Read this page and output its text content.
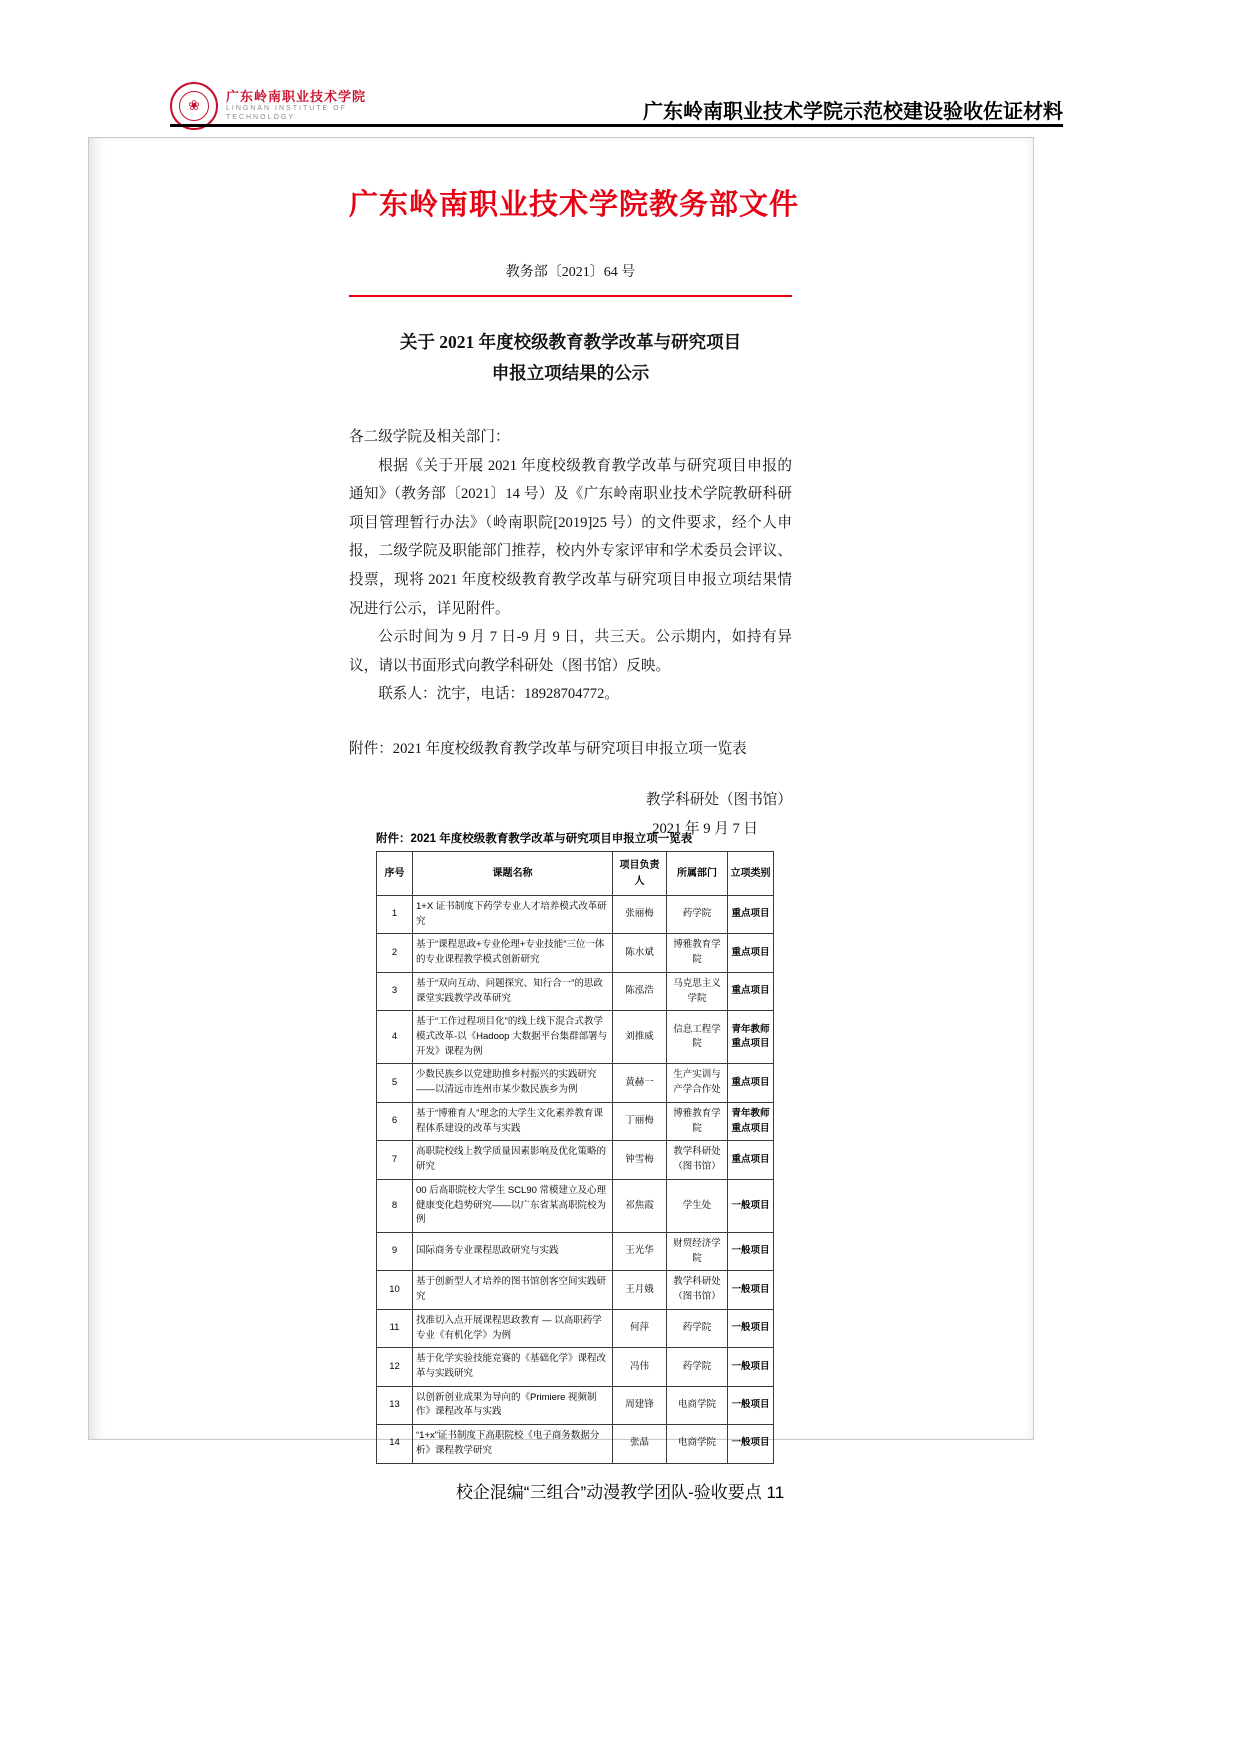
❀
广东岭南职业技术学院
LINGNAN INSTITUTE OF
TECHNOLOGY	广东岭南职业技术学院示范校建设验收佐证材料
广东岭南职业技术学院教务部文件
教务部〔2021〕64 号
关于 2021 年度校级教育教学改革与研究项目
申报立项结果的公示

各二级学院及相关部门：

根据《关于开展 2021 年度校级教育教学改革与研究项目申报的通知》（教务部〔2021〕14 号）及《广东岭南职业技术学院教研科研项目管理暂行办法》（岭南职院[2019]25 号）的文件要求，经个人申报，二级学院及职能部门推荐，校内外专家评审和学术委员会评议、投票，现将 2021 年度校级教育教学改革与研究项目申报立项结果情况进行公示，详见附件。

公示时间为 9 月 7 日-9 月 9 日，共三天。公示期内，如持有异议，请以书面形式向教学科研处（图书馆）反映。

联系人：沈宇，电话：18928704772。

附件：2021 年度校级教育教学改革与研究项目申报立项一览表
教学科研处（图书馆）
2021 年 9 月 7 日
附件：2021 年度校级教育教学改革与研究项目申报立项一览表
序号	课题名称	项目负责人	所属部门	立项类别
1	1+X 证书制度下药学专业人才培养模式改革研究	张丽梅	药学院	重点项目
2	基于“课程思政+专业伦理+专业技能”三位一体的专业课程教学模式创新研究	陈水斌	博雅教育学院	重点项目
3	基于“双向互动、问题探究、知行合一”的思政课堂实践教学改革研究	陈泓浩	马克思主义学院	重点项目
4	基于“工作过程项目化”的线上线下混合式教学模式改革-以《Hadoop 大数据平台集群部署与开发》课程为例	刘推威	信息工程学院	青年教师重点项目
5	少数民族乡以党建助推乡村振兴的实践研究——以清远市连州市某少数民族乡为例	黄赫一	生产实训与产学合作处	重点项目
6	基于“博雅育人”理念的大学生文化素养教育课程体系建设的改革与实践	丁丽梅	博雅教育学院	青年教师重点项目
7	高职院校线上教学质量因素影响及优化策略的研究	钟雪梅	教学科研处（图书馆）	重点项目
8	00 后高职院校大学生 SCL90 常模建立及心理健康变化趋势研究——以广东省某高职院校为例	祁焦霞	学生处	一般项目
9	国际商务专业课程思政研究与实践	王光华	财贸经济学院	一般项目
10	基于创新型人才培养的图书馆创客空间实践研究	王月娥	教学科研处（图书馆）	一般项目
11	找准切入点开展课程思政教育 — 以高职药学专业《有机化学》为例	何萍	药学院	一般项目
12	基于化学实验技能竞赛的《基础化学》课程改革与实践研究	冯伟	药学院	一般项目
13	以创新创业成果为导向的《Primiere 视频制作》课程改革与实践	周建锋	电商学院	一般项目
14	“1+x”证书制度下高职院校《电子商务数据分析》课程教学研究	张晶	电商学院	一般项目
校企混编“三组合”动漫教学团队-验收要点 11
